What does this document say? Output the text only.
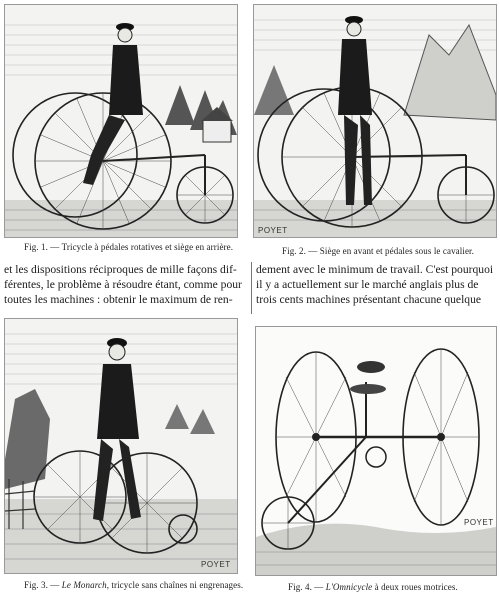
Fig. 1. — Tricycle à pédales rotatives et siège en arrière.
POYET
Fig. 2. — Siège en avant et pédales sous le cavalier.
et les dispositions réciproques de mille façons dif-
férentes, le problème à résoudre étant, comme pour
toutes les machines : obtenir le maximum de ren-
dement avec le minimum de travail. C'est pourquoi
il y a actuellement sur le marché anglais plus de
trois cents machines présentant chacune quelque
POYET
Fig. 3. — Le Monarch, tricycle sans chaînes ni engrenages.
POYET
Fig. 4. — L'Omnicycle à deux roues motrices.
